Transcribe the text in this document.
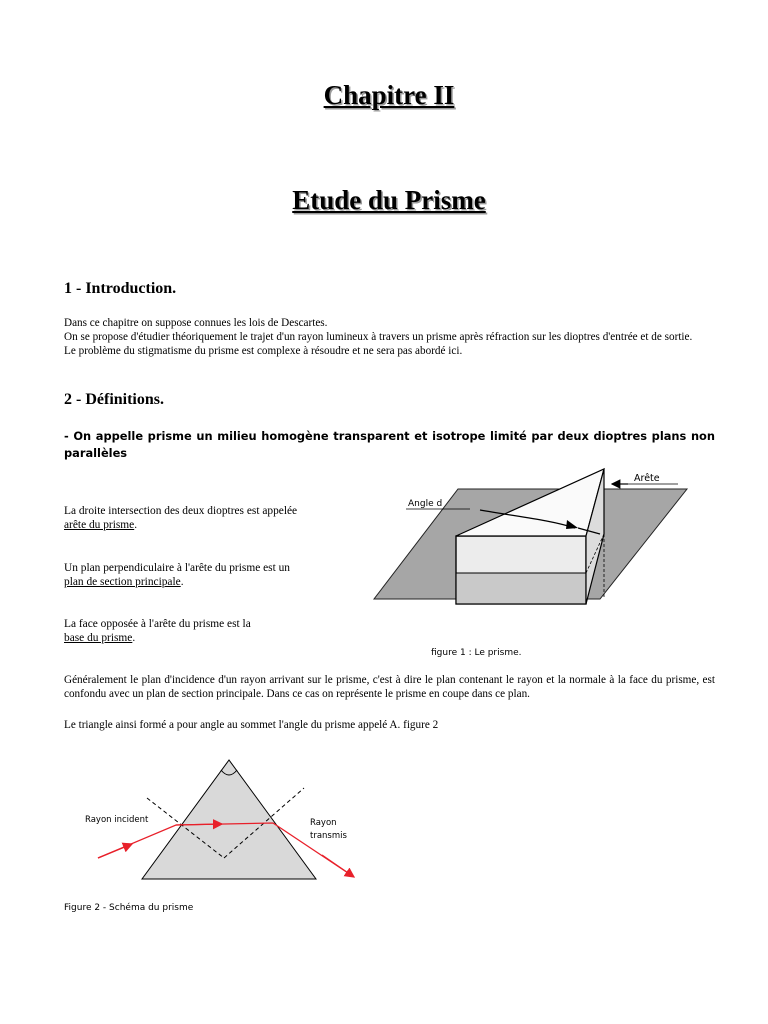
Chapitre II
Etude du Prisme
1 - Introduction.
Dans ce chapitre on suppose connues les lois de Descartes.
On se propose d'étudier théoriquement le trajet d'un rayon lumineux à travers un prisme après réfraction sur les dioptres d'entrée et de sortie.
Le problème du stigmatisme du prisme est complexe à résoudre et ne sera pas abordé ici.
2 - Définitions.
- On appelle prisme un milieu homogène transparent et isotrope limité par deux dioptres plans non parallèles
La droite intersection des deux dioptres est appelée
arête du prisme.
Un plan perpendiculaire à l'arête du prisme est un
plan de section principale.
La face opposée à l'arête du prisme est la
base du prisme.
Angle d
Arête
figure 1 : Le prisme.
Généralement le plan d'incidence d'un rayon arrivant sur le prisme, c'est à dire le plan contenant le rayon et la normale à la face du prisme, est confondu avec un plan de section principale. Dans ce cas on représente le prisme en coupe dans ce plan.
Le triangle ainsi formé a pour angle au sommet l'angle du prisme appelé A. figure 2
Rayon incident	Rayon
transmis
Figure 2 - Schéma du prisme
